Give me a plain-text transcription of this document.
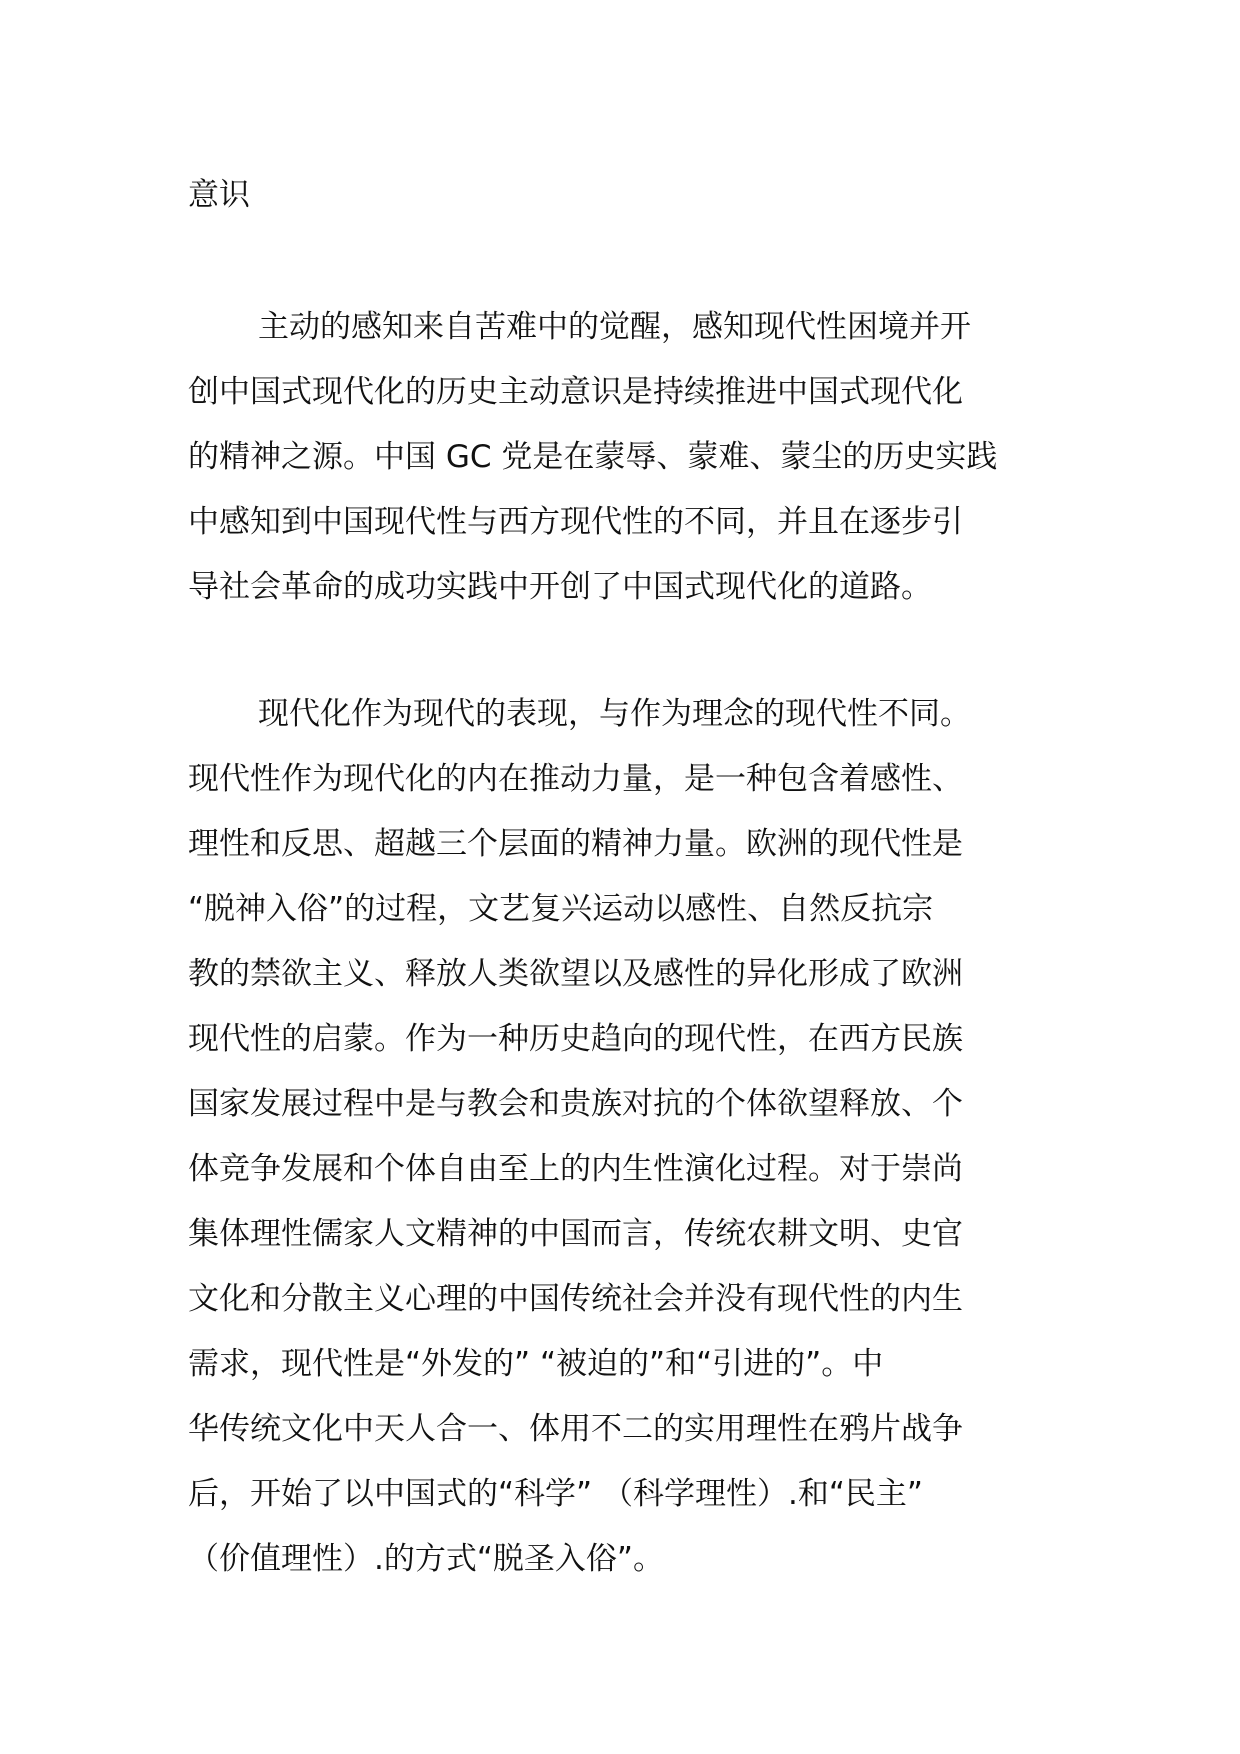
意识
主动的感知来自苦难中的觉醒，感知现代性困境并开
创中国式现代化的历史主动意识是持续推进中国式现代化
的精神之源。中国 GC 党是在蒙辱、蒙难、蒙尘的历史实践
中感知到中国现代性与西方现代性的不同，并且在逐步引
导社会革命的成功实践中开创了中国式现代化的道路。
现代化作为现代的表现，与作为理念的现代性不同。
现代性作为现代化的内在推动力量，是一种包含着感性、
理性和反思、超越三个层面的精神力量。欧洲的现代性是
“脱神入俗”的过程，文艺复兴运动以感性、自然反抗宗
教的禁欲主义、释放人类欲望以及感性的异化形成了欧洲
现代性的启蒙。作为一种历史趋向的现代性，在西方民族
国家发展过程中是与教会和贵族对抗的个体欲望释放、个
体竞争发展和个体自由至上的内生性演化过程。对于崇尚
集体理性儒家人文精神的中国而言，传统农耕文明、史官
文化和分散主义心理的中国传统社会并没有现代性的内生
需求，现代性是“外发的” “被迫的”和“引进的”。中
华传统文化中天人合一、体用不二的实用理性在鸦片战争
后，开始了以中国式的“科学” （科学理性）.和“民主”
（价值理性）.的方式“脱圣入俗”。
